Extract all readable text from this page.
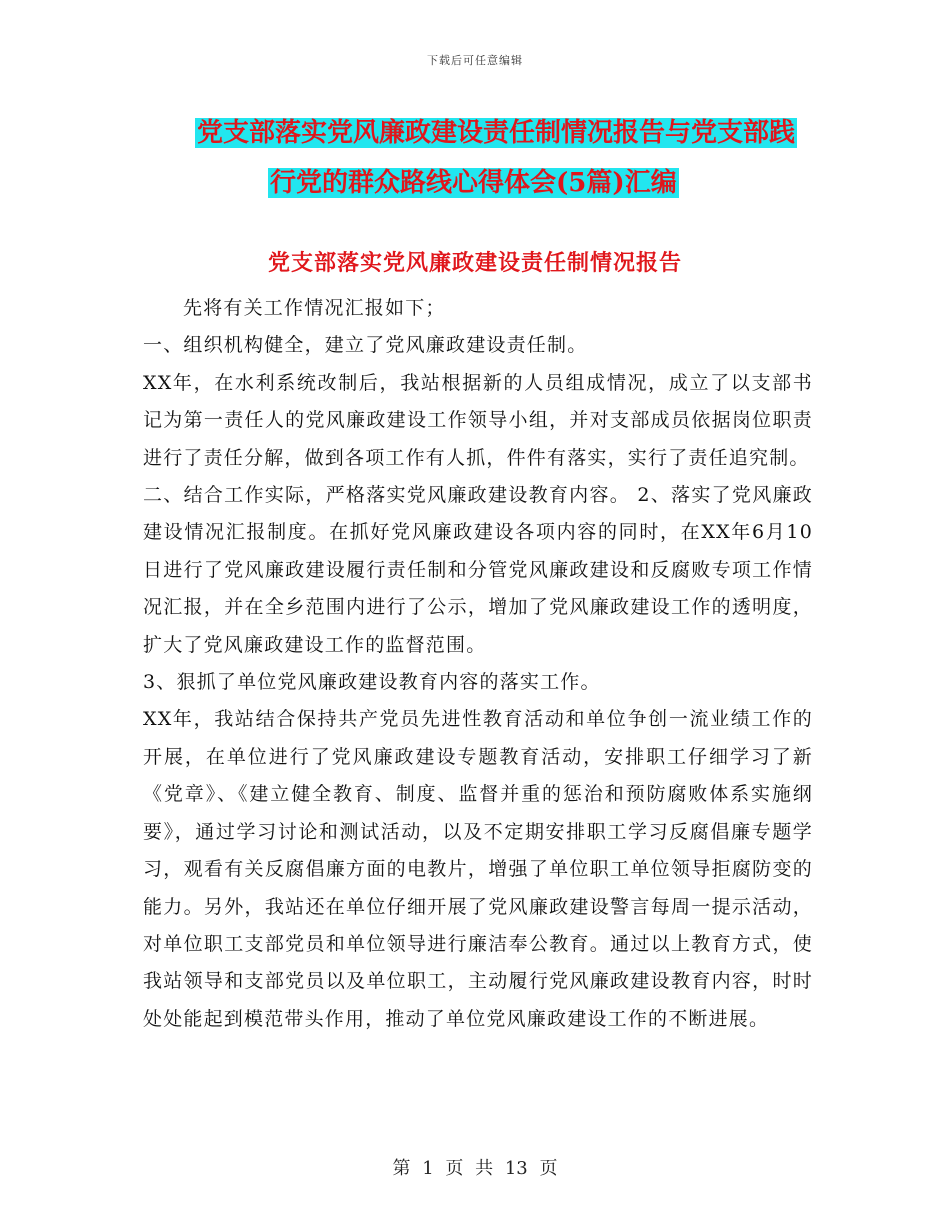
下载后可任意编辑
党支部落实党风廉政建设责任制情况报告与党支部践
行党的群众路线心得体会(5篇)汇编
党支部落实党风廉政建设责任制情况报告

先将有关工作情况汇报如下；

一、组织机构健全，建立了党风廉政建设责任制。

XX年，在水利系统改制后，我站根据新的人员组成情况，成立了以支部书记为第一责任人的党风廉政建设工作领导小组，并对支部成员依据岗位职责进行了责任分解，做到各项工作有人抓，件件有落实，实行了责任追究制。

二、结合工作实际，严格落实党风廉政建设教育内容。 2、落实了党风廉政建设情况汇报制度。在抓好党风廉政建设各项内容的同时，在XX年6月10日进行了党风廉政建设履行责任制和分管党风廉政建设和反腐败专项工作情况汇报，并在全乡范围内进行了公示，增加了党风廉政建设工作的透明度，扩大了党风廉政建设工作的监督范围。

3、狠抓了单位党风廉政建设教育内容的落实工作。

XX年，我站结合保持共产党员先进性教育活动和单位争创一流业绩工作的开展，在单位进行了党风廉政建设专题教育活动，安排职工仔细学习了新《党章》、《建立健全教育、制度、监督并重的惩治和预防腐败体系实施纲要》，通过学习讨论和测试活动，以及不定期安排职工学习反腐倡廉专题学习，观看有关反腐倡廉方面的电教片，增强了单位职工单位领导拒腐防变的能力。另外，我站还在单位仔细开展了党风廉政建设警言每周一提示活动，对单位职工支部党员和单位领导进行廉洁奉公教育。通过以上教育方式，使我站领导和支部党员以及单位职工，主动履行党风廉政建设教育内容，时时处处能起到模范带头作用，推动了单位党风廉政建设工作的不断进展。

第 1 页 共 13 页
